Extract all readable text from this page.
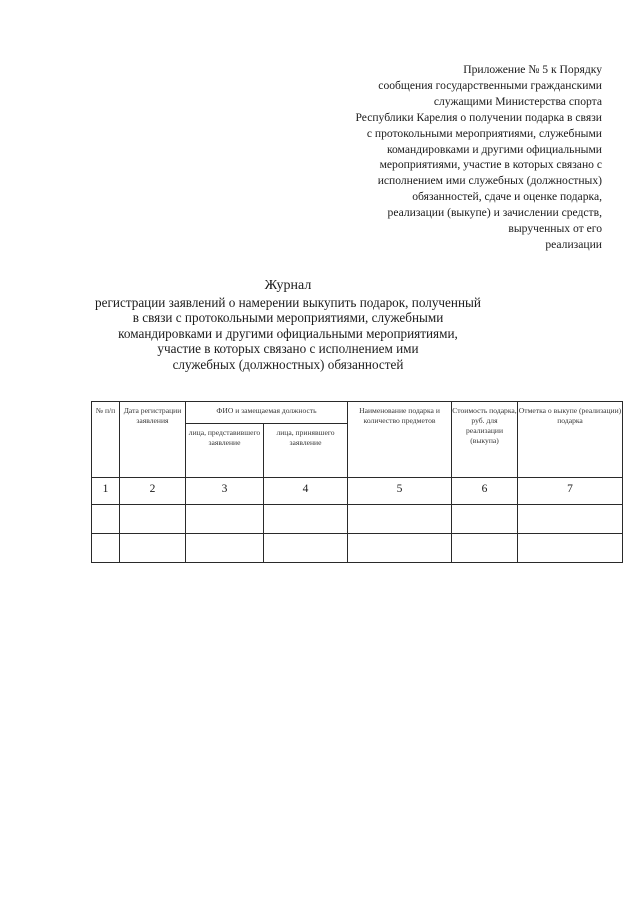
Приложение № 5 к Порядку
сообщения государственными гражданскими
служащими Министерства спорта
Республики Карелия о получении подарка в связи
с протокольными мероприятиями, служебными
командировками и другими официальными
мероприятиями, участие в которых связано с
исполнением ими служебных (должностных)
обязанностей, сдаче и оценке подарка,
реализации (выкупе) и зачислении средств,
вырученных от его
реализации
Журнал
регистрации заявлений о намерении выкупить подарок, полученный
в связи с протокольными мероприятиями, служебными
командировками и другими официальными мероприятиями,
участие в которых связано с исполнением ими
служебных (должностных) обязанностей
№ п/п	Дата регистрации заявления	ФИО и замещаемая должность		Наименование подарка и количество предметов	Стоимость подарка, руб. для реализации (выкупа)	Отметка о выкупе (реализации) подарка

		лица, представившего заявление	лица, принявшего заявление			

1	2	3	4	5	6	7
